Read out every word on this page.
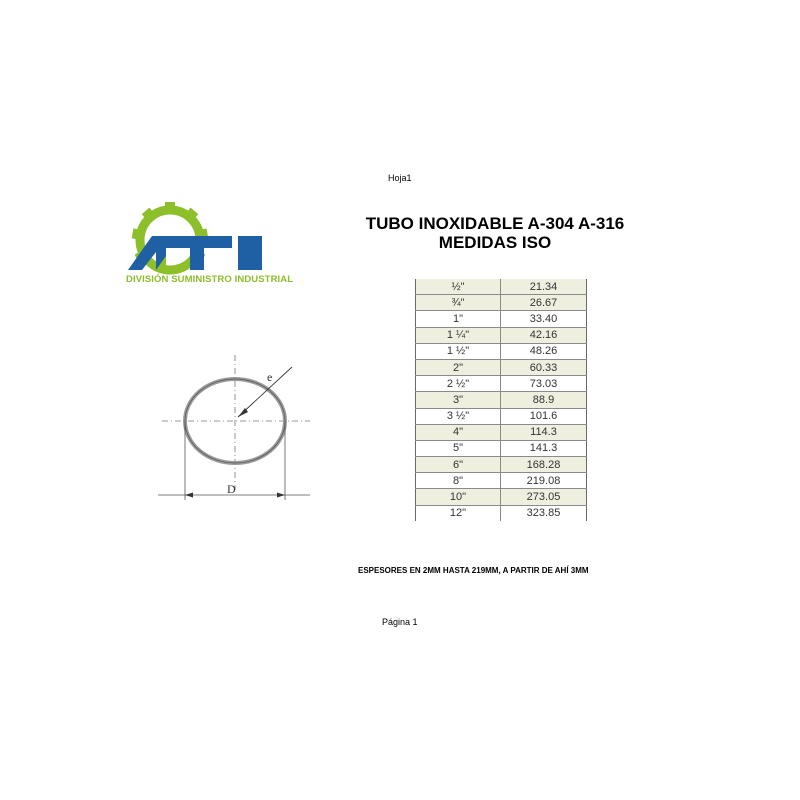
Hoja1
DIVISIÓN SUMINISTRO INDUSTRIAL
TUBO INOXIDABLE A-304 A-316
MEDIDAS ISO
e
D
½"	21.34
¾"	26.67
1"	33.40
1 ¼"	42.16
1 ½"	48.26
2"	60.33
2 ½"	73.03
3"	88.9
3 ½"	101.6
4"	114.3
5"	141.3
6"	168.28
8"	219.08
10"	273.05
12"	323.85
ESPESORES EN 2MM HASTA 219MM, A PARTIR DE AHÍ 3MM
Página 1
